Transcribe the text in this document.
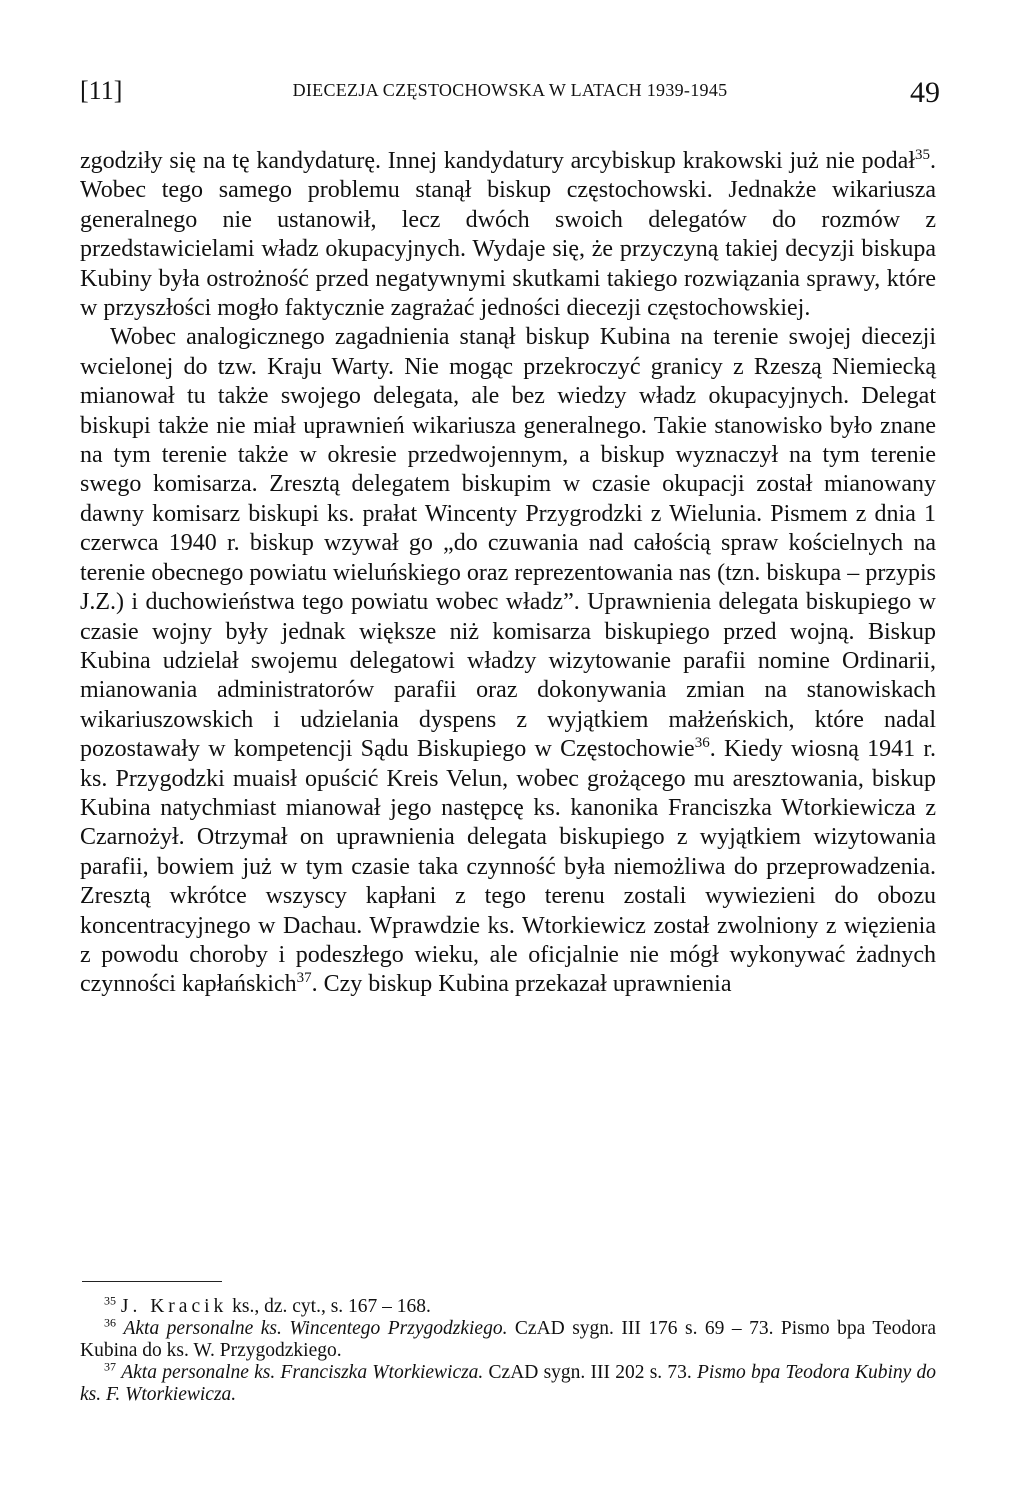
[11]	DIECEZJA CZĘSTOCHOWSKA W LATACH 1939-1945	49

zgodziły się na tę kandydaturę. Innej kandydatury arcybiskup krakowski już nie podał$^{35}$. Wobec tego samego problemu stanął biskup częstochowski. Jednakże wikariusza generalnego nie ustanowił, lecz dwóch swoich delegatów do rozmów z przedstawicielami władz okupacyjnych. Wydaje się, że przyczyną takiej decyzji biskupa Kubiny była ostrożność przed negatywnymi skutkami takiego rozwiązania sprawy, które w przyszłości mogło faktycznie zagrażać jedności diecezji częstochowskiej.

Wobec analogicznego zagadnienia stanął biskup Kubina na terenie swojej diecezji wcielonej do tzw. Kraju Warty. Nie mogąc przekroczyć granicy z Rzeszą Niemiecką mianował tu także swojego delegata, ale bez wiedzy władz okupacyjnych. Delegat biskupi także nie miał uprawnień wikariusza generalnego. Takie stanowisko było znane na tym terenie także w okresie przedwojennym, a biskup wyznaczył na tym terenie swego komisarza. Zresztą delegatem biskupim w czasie okupacji został mianowany dawny komisarz biskupi ks. prałat Wincenty Przygrodzki z Wielunia. Pismem z dnia 1 czerwca 1940 r. biskup wzywał go „do czuwania nad całością spraw kościelnych na terenie obecnego powiatu wieluńskiego oraz reprezentowania nas (tzn. biskupa – przypis J.Z.) i duchowieństwa tego powiatu wobec władz”. Uprawnienia delegata biskupiego w czasie wojny były jednak większe niż komisarza biskupiego przed wojną. Biskup Kubina udzielał swojemu delegatowi władzy wizytowanie parafii nomine Ordinarii, mianowania administratorów parafii oraz dokonywania zmian na stanowiskach wikariuszowskich i udzielania dyspens z wyjątkiem małżeńskich, które nadal pozostawały w kompetencji Sądu Biskupiego w Częstochowie$^{36}$. Kiedy wiosną 1941 r. ks. Przygodzki muaisł opuścić Kreis Velun, wobec grożącego mu aresztowania, biskup Kubina natychmiast mianował jego następcę ks. kanonika Franciszka Wtorkiewicza z Czarnożył. Otrzymał on uprawnienia delegata biskupiego z wyjątkiem wizytowania parafii, bowiem już w tym czasie taka czynność była niemożliwa do przeprowadzenia. Zresztą wkrótce wszyscy kapłani z tego terenu zostali wywiezieni do obozu koncentracyjnego w Dachau. Wprawdzie ks. Wtorkiewicz został zwolniony z więzienia z powodu choroby i podeszłego wieku, ale oficjalnie nie mógł wykonywać żadnych czynności kapłańskich$^{37}$. Czy biskup Kubina przekazał uprawnienia

$^{35}$ J. Kracik ks., dz. cyt., s. 167 – 168.

$^{36}$ Akta personalne ks. Wincentego Przygodzkiego. CzAD sygn. III 176 s. 69 – 73. Pismo bpa Teodora Kubina do ks. W. Przygodzkiego.

$^{37}$ Akta personalne ks. Franciszka Wtorkiewicza. CzAD sygn. III 202 s. 73. Pismo bpa Teodora Kubiny do ks. F. Wtorkiewicza.
